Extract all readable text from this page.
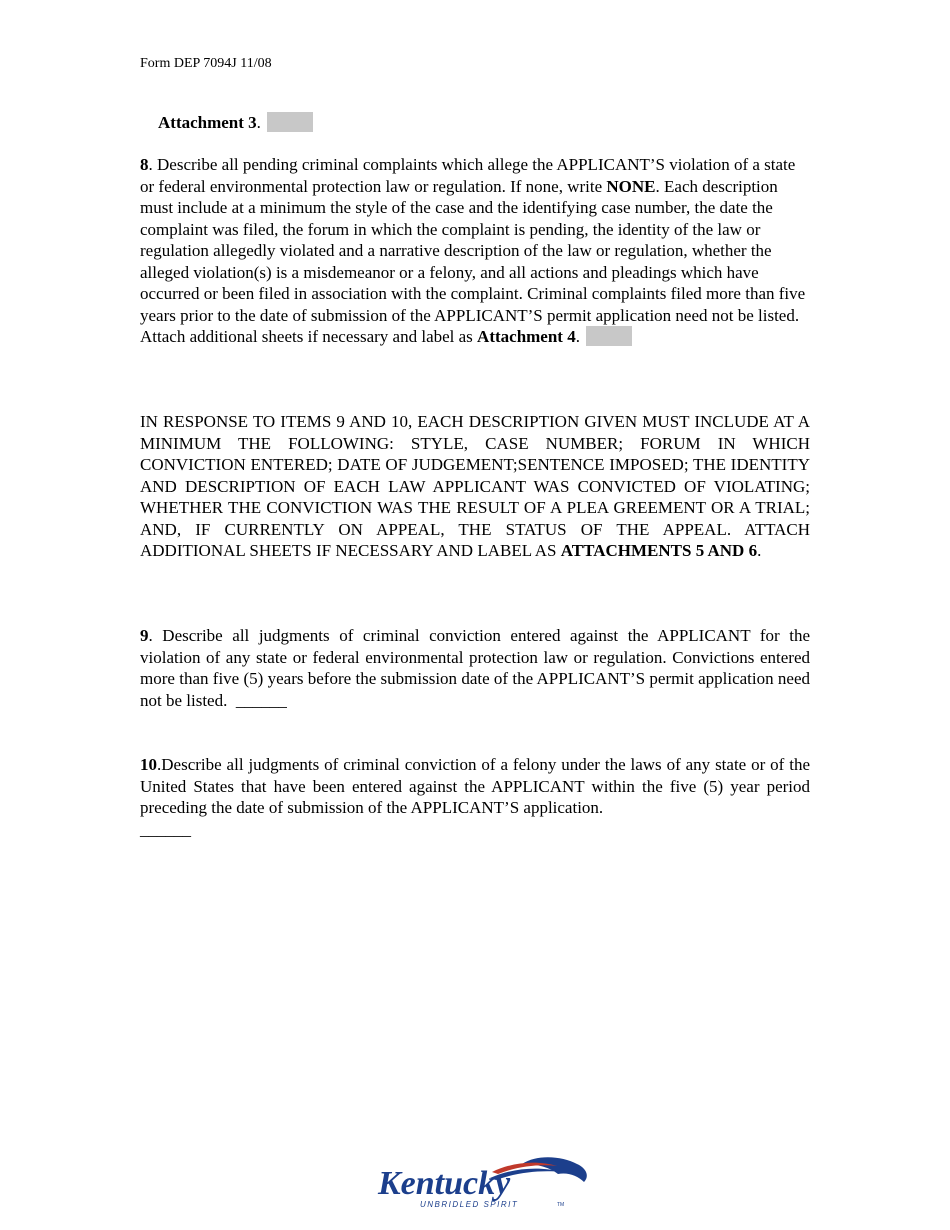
Form DEP 7094J 11/08
Attachment 3.
8. Describe all pending criminal complaints which allege the APPLICANT’S violation of a state or federal environmental protection law or regulation. If none, write NONE. Each description must include at a minimum the style of the case and the identifying case number, the date the complaint was filed, the forum in which the complaint is pending, the identity of the law or regulation allegedly violated and a narrative description of the law or regulation, whether the alleged violation(s) is a misdemeanor or a felony, and all actions and pleadings which have occurred or been filed in association with the complaint. Criminal complaints filed more than five years prior to the date of submission of the APPLICANT’S permit application need not be listed. Attach additional sheets if necessary and label as Attachment 4.
IN RESPONSE TO ITEMS 9 AND 10, EACH DESCRIPTION GIVEN MUST INCLUDE AT A MINIMUM THE FOLLOWING: STYLE, CASE NUMBER; FORUM IN WHICH CONVICTION ENTERED; DATE OF JUDGEMENT;SENTENCE IMPOSED; THE IDENTITY AND DESCRIPTION OF EACH LAW APPLICANT WAS CONVICTED OF VIOLATING; WHETHER THE CONVICTION WAS THE RESULT OF A PLEA GREEMENT OR A TRIAL; AND, IF CURRENTLY ON APPEAL, THE STATUS OF THE APPEAL. ATTACH ADDITIONAL SHEETS IF NECESSARY AND LABEL AS ATTACHMENTS 5 AND 6.
9. Describe all judgments of criminal conviction entered against the APPLICANT for the violation of any state or federal environmental protection law or regulation. Convictions entered more than five (5) years before the submission date of the APPLICANT’S permit application need not be listed. ______
10.Describe all judgments of criminal conviction of a felony under the laws of any state or of the United States that have been entered against the APPLICANT within the five (5) year period preceding the date of submission of the APPLICANT’S application.
______
Kentucky
UNBRIDLED SPIRIT	TM
